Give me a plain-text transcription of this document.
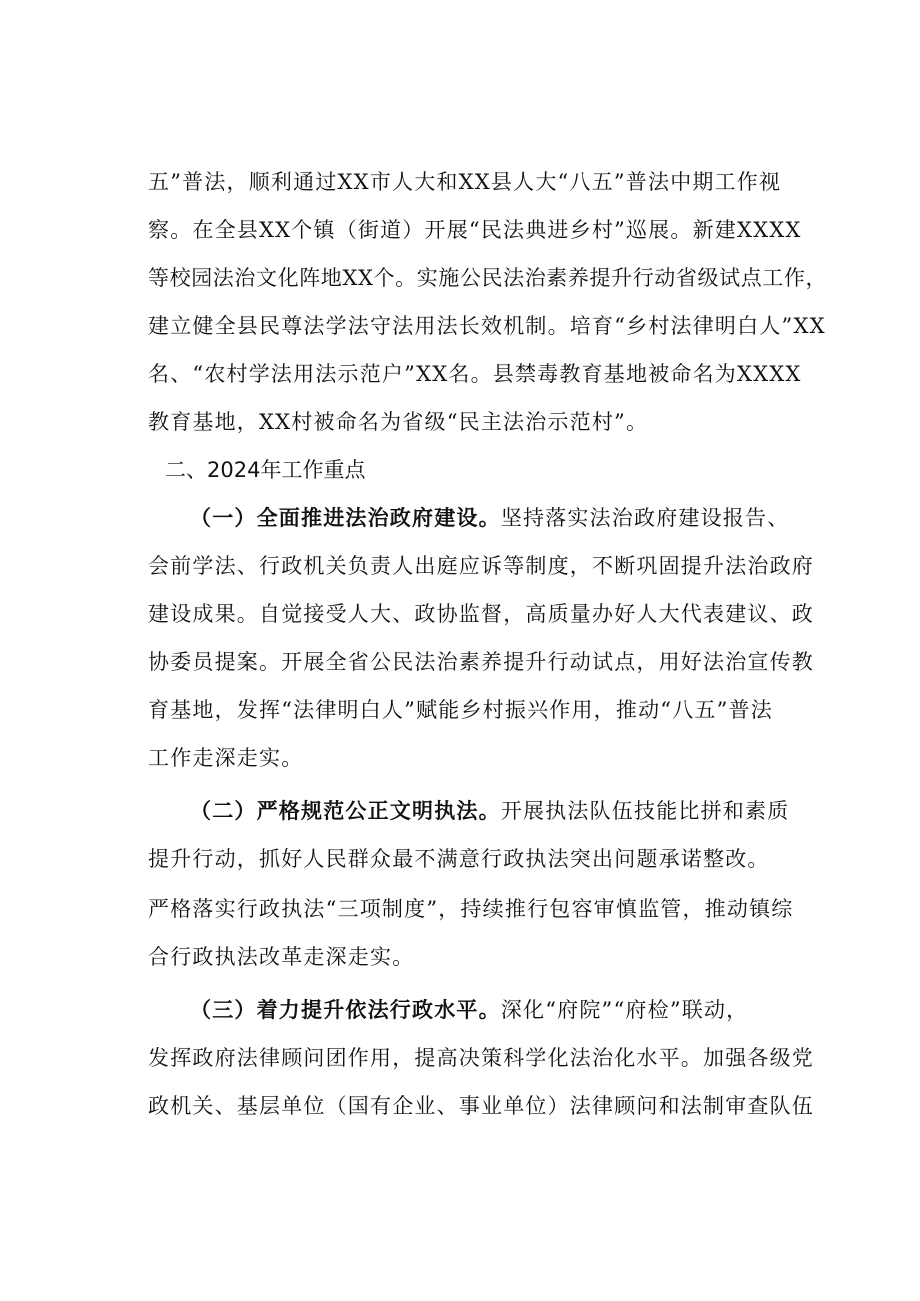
五”普法，顺利通过XX市人大和XX县人大“八五”普法中期工作视
察。在全县XX个镇（街道）开展“民法典进乡村”巡展。新建XXXX
等校园法治文化阵地XX个。实施公民法治素养提升行动省级试点工作，
建立健全县民尊法学法守法用法长效机制。培育“乡村法律明白人”XX
名、“农村学法用法示范户”XX名。县禁毒教育基地被命名为XXXX
教育基地，XX村被命名为省级“民主法治示范村”。
二、2024年工作重点
（一）全面推进法治政府建设。坚持落实法治政府建设报告、
会前学法、行政机关负责人出庭应诉等制度，不断巩固提升法治政府
建设成果。自觉接受人大、政协监督，高质量办好人大代表建议、政
协委员提案。开展全省公民法治素养提升行动试点，用好法治宣传教
育基地，发挥“法律明白人”赋能乡村振兴作用，推动“八五”普法
工作走深走实。
（二）严格规范公正文明执法。开展执法队伍技能比拼和素质
提升行动，抓好人民群众最不满意行政执法突出问题承诺整改。
严格落实行政执法“三项制度”，持续推行包容审慎监管，推动镇综
合行政执法改革走深走实。
（三）着力提升依法行政水平。深化“府院”“府检”联动，
发挥政府法律顾问团作用，提高决策科学化法治化水平。加强各级党
政机关、基层单位（国有企业、事业单位）法律顾问和法制审查队伍
